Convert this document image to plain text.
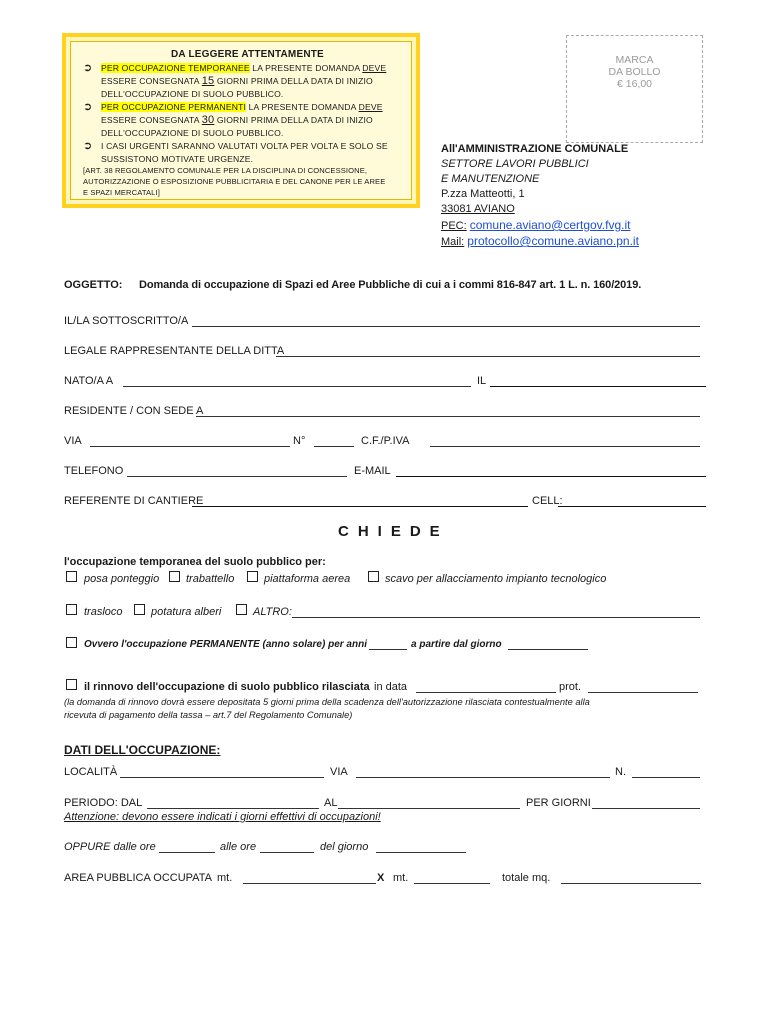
DA LEGGERE ATTENTAMENTE
➲ PER OCCUPAZIONE TEMPORANEE LA PRESENTE DOMANDA DEVE
ESSERE CONSEGNATA 15 GIORNI PRIMA DELLA DATA DI INIZIO
DELL'OCCUPAZIONE DI SUOLO PUBBLICO.
➲ PER OCCUPAZIONE PERMANENTI LA PRESENTE DOMANDA DEVE
ESSERE CONSEGNATA 30 GIORNI PRIMA DELLA DATA DI INIZIO
DELL'OCCUPAZIONE DI SUOLO PUBBLICO.
➲ I CASI URGENTI SARANNO VALUTATI VOLTA PER VOLTA E SOLO SE
SUSSISTONO MOTIVATE URGENZE.
[ART. 38 REGOLAMENTO COMUNALE PER LA DISCIPLINA DI CONCESSIONE,
AUTORIZZAZIONE O ESPOSIZIONE PUBBLICITARIA E DEL CANONE PER LE AREE
E SPAZI MERCATALI]
MARCA
DA BOLLO
€ 16,00
All'AMMINISTRAZIONE COMUNALE
SETTORE LAVORI PUBBLICI
E MANUTENZIONE
P.zza Matteotti, 1
33081 AVIANO
PEC: comune.aviano@certgov.fvg.it
Mail: protocollo@comune.aviano.pn.it
OGGETTO: Domanda di occupazione di Spazi ed Aree Pubbliche di cui a i commi 816-847 art. 1 L. n. 160/2019.
IL/LA SOTTOSCRITTO/A
LEGALE RAPPRESENTANTE DELLA DITTA
NATO/A A	IL
RESIDENTE / CON SEDE A
VIA	N°	C.F./P.IVA
TELEFONO	E-MAIL
REFERENTE DI CANTIERE	CELL:
CHIEDE
l'occupazione temporanea del suolo pubblico per:
posa ponteggio trabattello	piattaforma aerea	scavo per allacciamento impianto tecnologico
trasloco	potatura alberi	ALTRO:
Ovvero l'occupazione PERMANENTE (anno solare) per anni	a partire dal giorno
il rinnovo dell'occupazione di suolo pubblico rilasciata in data	prot.
(la domanda di rinnovo dovrà essere depositata 5 giorni prima della scadenza dell'autorizzazione rilasciata contestualmente alla
ricevuta di pagamento della tassa – art.7 del Regolamento Comunale)
DATI DELL'OCCUPAZIONE:
LOCALITÀ	VIA	N.
PERIODO: DAL	AL	PER GIORNI
Attenzione: devono essere indicati i giorni effettivi di occupazioni!
OPPURE dalle ore	alle ore	del giorno
AREA PUBBLICA OCCUPATA mt.	X mt.	totale mq.
